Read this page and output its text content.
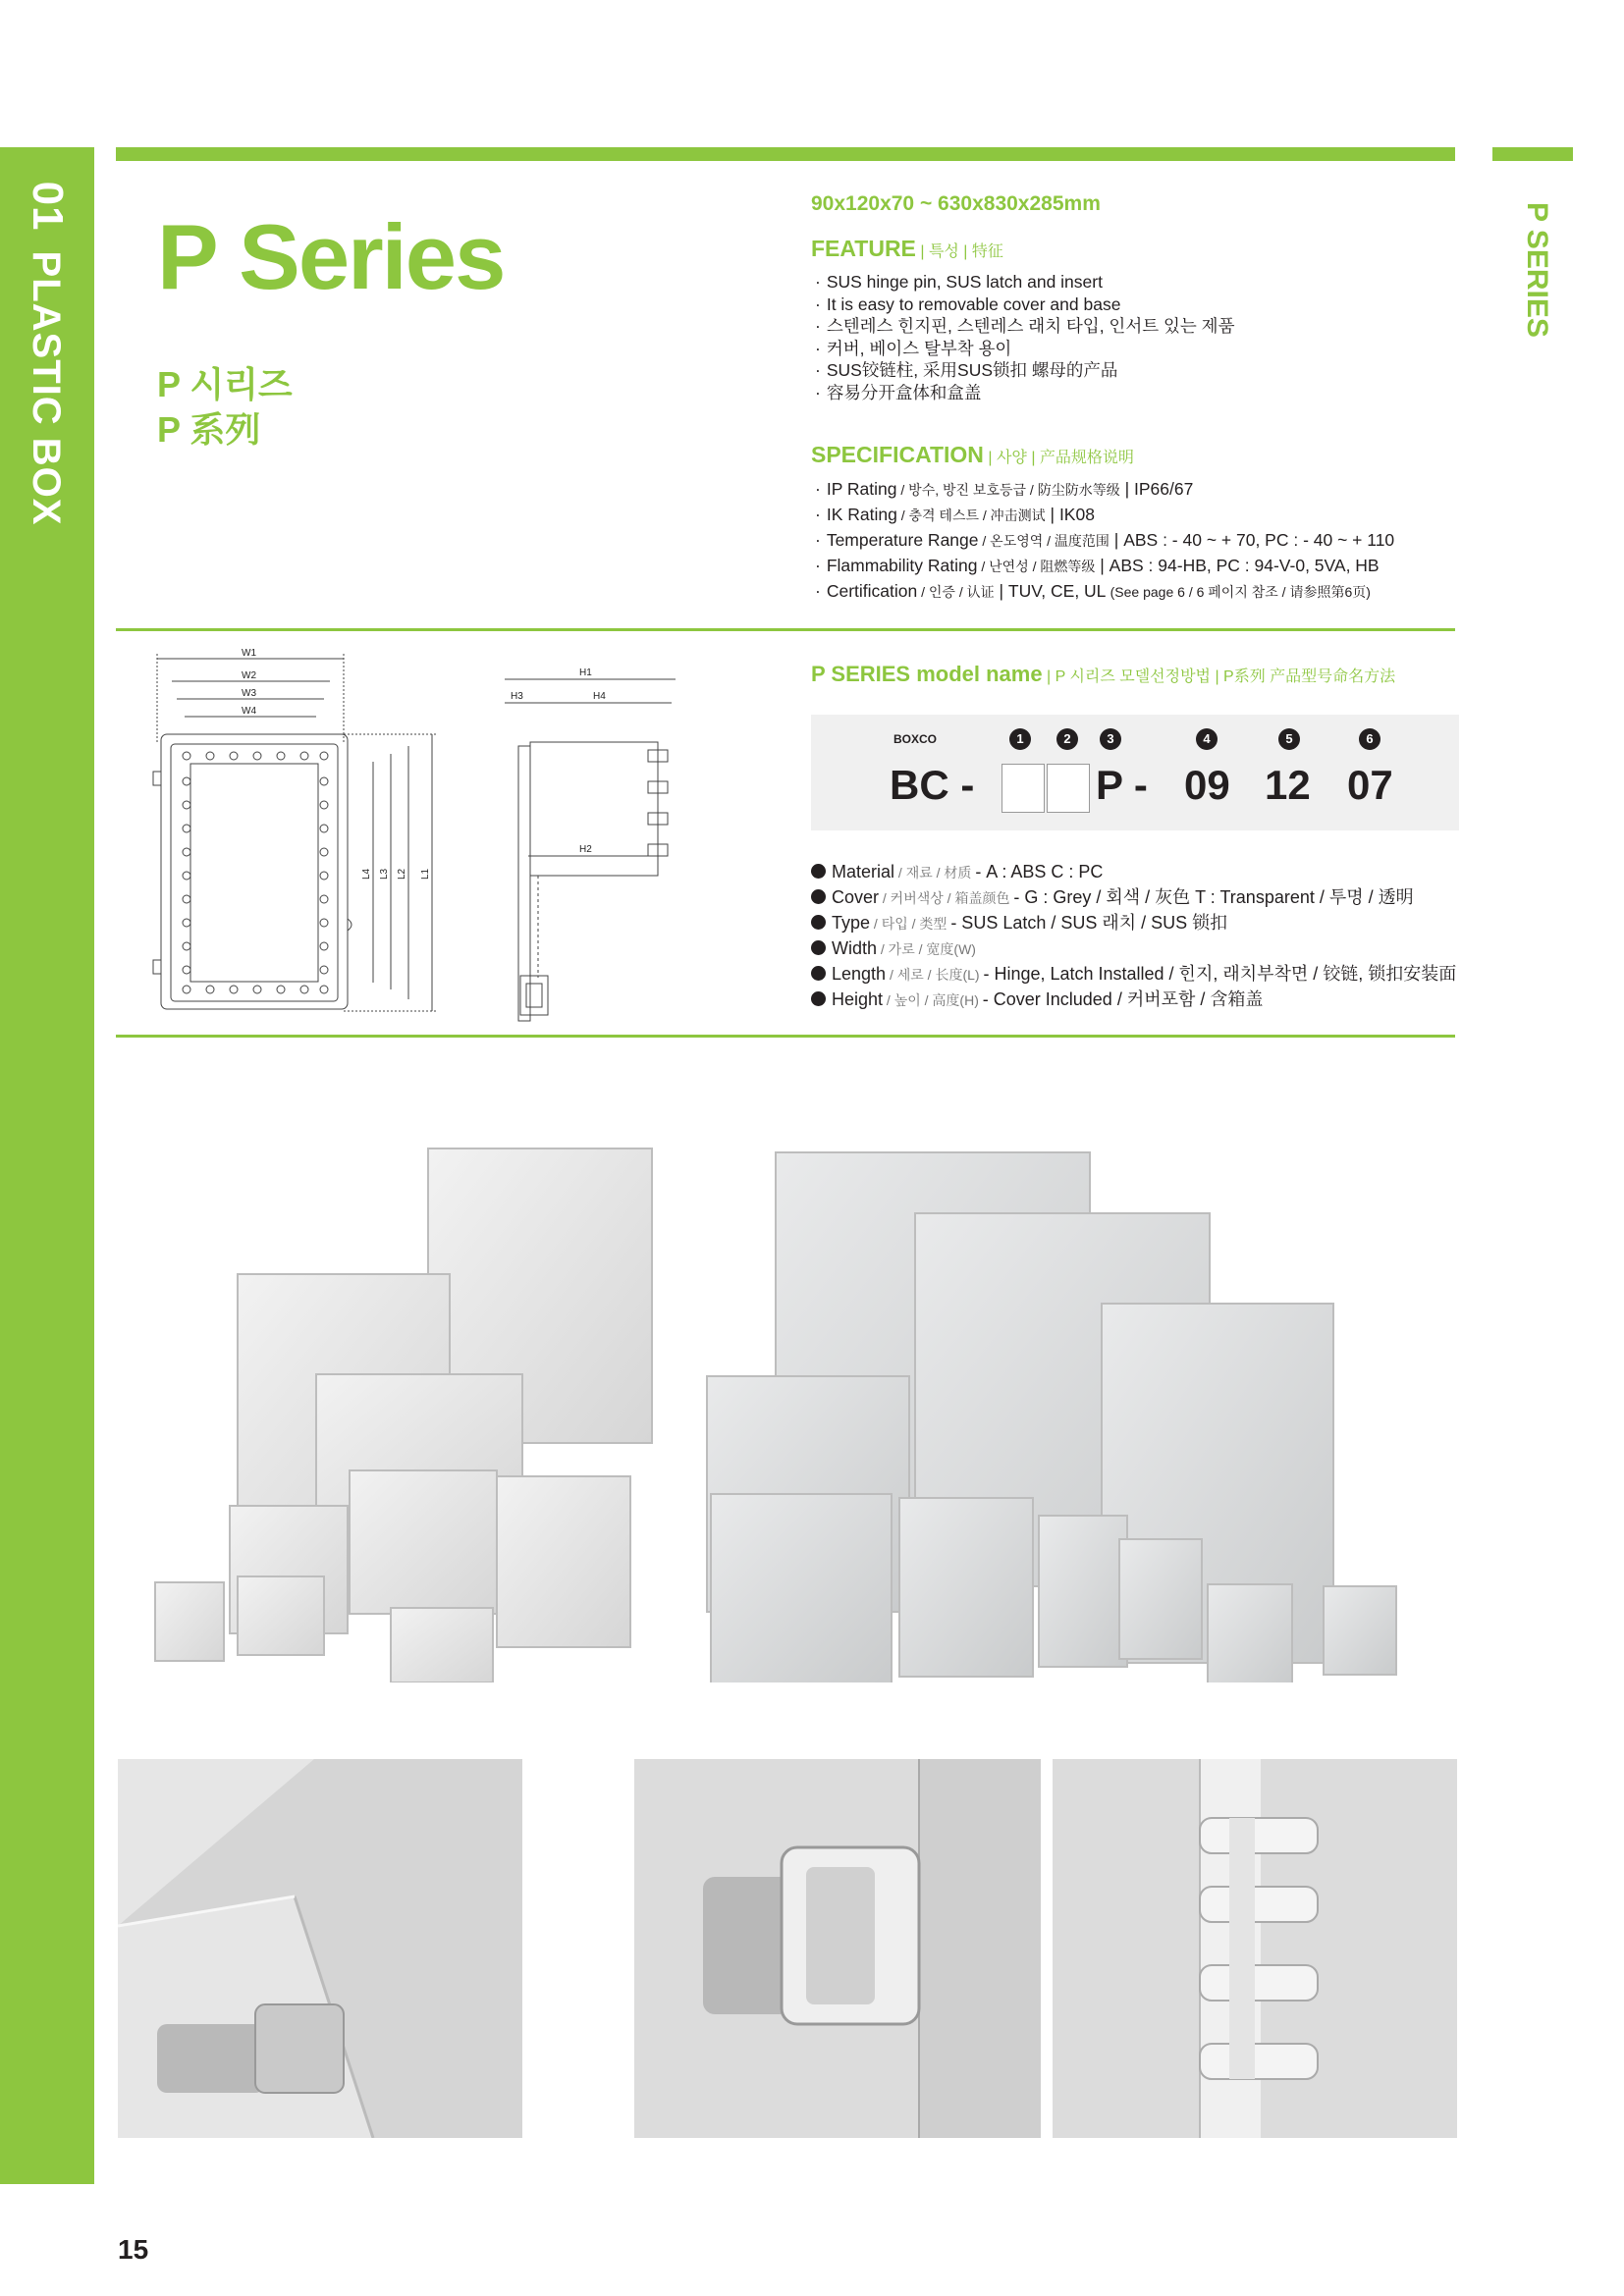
01PLASTIC BOX	P SERIES
P Series
P 시리즈
P 系列
90x120x70 ~ 630x830x285mm
FEATURE | 특성 | 特征
· SUS hinge pin, SUS latch and insert
· It is easy to removable cover and base
· 스텐레스 힌지핀, 스텐레스 래치 타입, 인서트 있는 제품
· 커버, 베이스 탈부착 용이
· SUS铰链柱, 采用SUS锁扣 螺母的产品
· 容易分开盒体和盒盖
SPECIFICATION | 사양 | 产品规格说明
· IP Rating / 방수, 방진 보호등급 / 防尘防水等级 | IP66/67
· IK Rating / 충격 테스트 / 冲击测试 | IK08
· Temperature Range / 온도영역 / 温度范围 | ABS : - 40 ~ + 70, PC : - 40 ~ + 110
· Flammability Rating / 난연성 / 阻燃等级 | ABS : 94-HB, PC : 94-V-0, 5VA, HB
· Certification / 인증 / 认证 | TUV, CE, UL (See page 6 / 6 페이지 참조 / 请参照第6页)
W1
W2
W3
W4
L4 L3 L2 L1
H1
H3	H4
H2
P SERIES model name | P 시리즈 모델선정방법 | P系列 产品型号命名方法
BOXCO	1	2	3	4	5	6
BC -	P - 09 12 07
Material / 재료 / 材质 - A : ABS C : PC
Cover / 커버색상 / 箱盖颜色 - G : Grey / 회색 / 灰色 T : Transparent / 투명 / 透明
Type / 타입 / 类型 - SUS Latch / SUS 래치 / SUS 锁扣
Width / 가로 / 宽度(W)
Length / 세로 / 长度(L) - Hinge, Latch Installed / 힌지, 래치부착면 / 铰链, 锁扣安装面
Height / 높이 / 高度(H) - Cover Included / 커버포함 / 含箱盖
15
